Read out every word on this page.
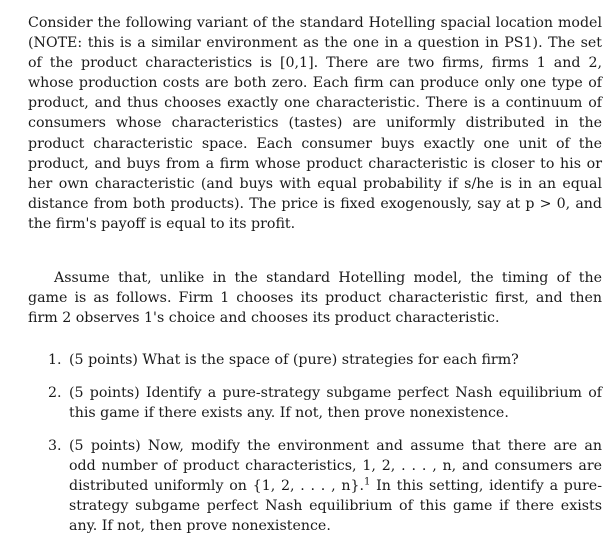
Consider the following variant of the standard Hotelling spacial location model (NOTE: this is a similar environment as the one in a question in PS1). The set of the product characteristics is [0,1]. There are two firms, firms 1 and 2, whose production costs are both zero. Each firm can produce only one type of product, and thus chooses exactly one characteristic. There is a continuum of consumers whose characteristics (tastes) are uniformly distributed in the product characteristic space. Each consumer buys exactly one unit of the product, and buys from a firm whose product characteristic is closer to his or her own characteristic (and buys with equal probability if s/he is in an equal distance from both products). The price is fixed exogenously, say at p > 0, and the firm's payoff is equal to its profit.

Assume that, unlike in the standard Hotelling model, the timing of the game is as follows. Firm 1 chooses its product characteristic first, and then firm 2 observes 1's choice and chooses its product characteristic.

1. (5 points) What is the space of (pure) strategies for each firm?
2. (5 points) Identify a pure-strategy subgame perfect Nash equilibrium of this game if there exists any. If not, then prove nonexistence.
3. (5 points) Now, modify the environment and assume that there are an odd number of product characteristics, 1, 2, . . . , n, and consumers are distributed uniformly on {1, 2, . . . , n}.$^1$ In this setting, identify a pure-strategy subgame perfect Nash equilibrium of this game if there exists any. If not, then prove nonexistence.
